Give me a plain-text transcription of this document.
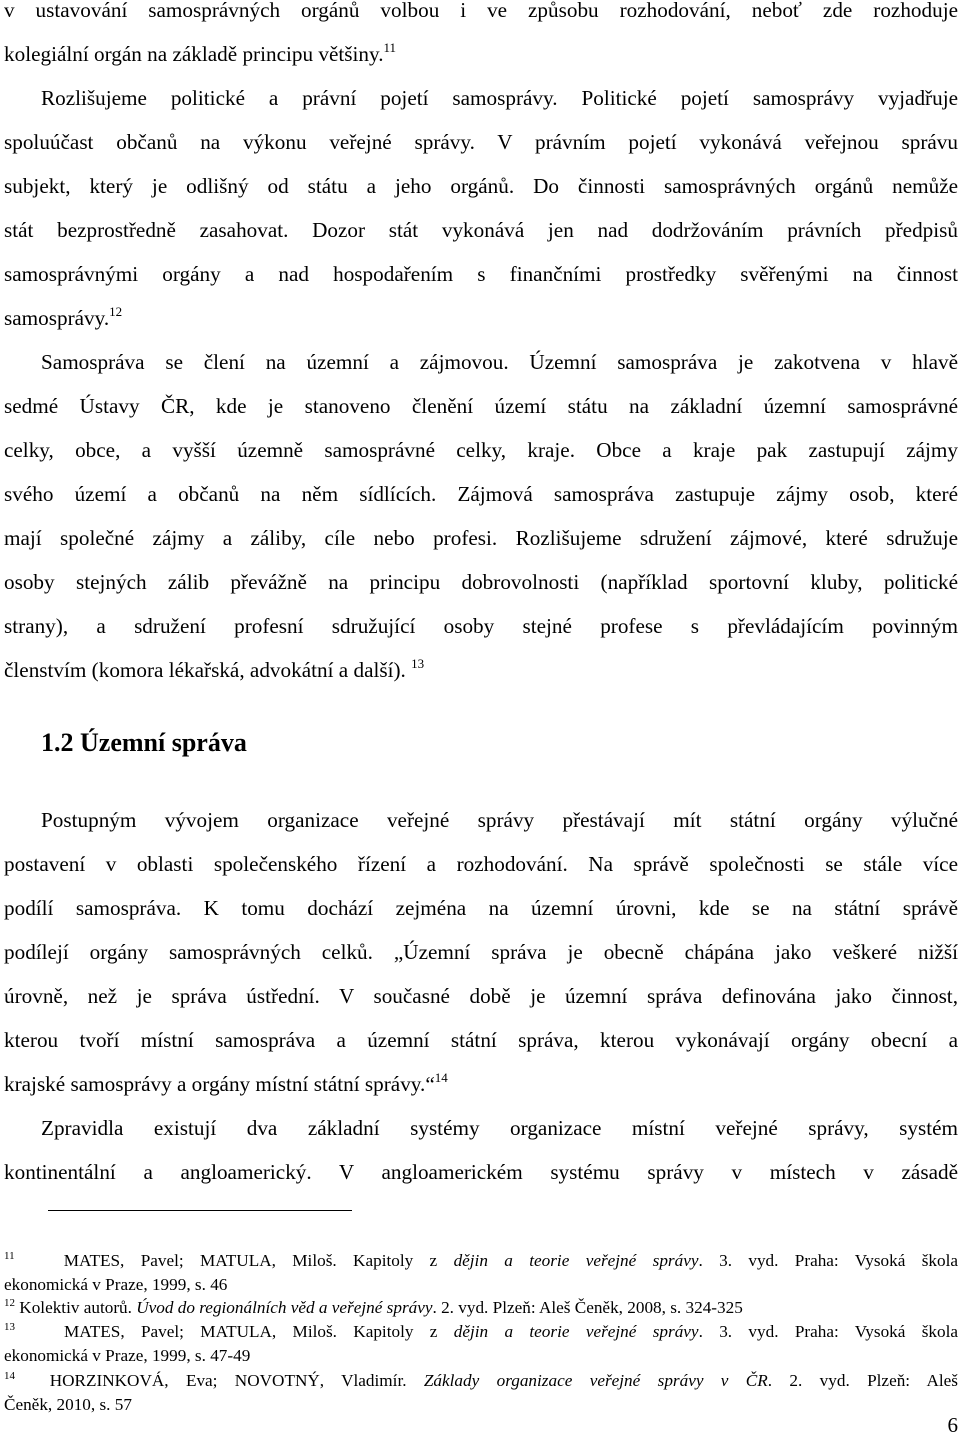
v ustavování samosprávných orgánů volbou i ve způsobu rozhodování, neboť zde rozhoduje
kolegiální orgán na základě principu většiny.$^{11}$
Rozlišujeme politické a právní pojetí samosprávy. Politické pojetí samosprávy vyjadřuje
spoluúčast občanů na výkonu veřejné správy. V právním pojetí vykonává veřejnou správu
subjekt, který je odlišný od státu a jeho orgánů. Do činnosti samosprávných orgánů nemůže
stát bezprostředně zasahovat. Dozor stát vykonává jen nad dodržováním právních předpisů
samosprávnými orgány a nad hospodařením s finančními prostředky svěřenými na činnost
samosprávy.$^{12}$
Samospráva se člení na územní a zájmovou. Územní samospráva je zakotvena v hlavě
sedmé Ústavy ČR, kde je stanoveno členění území státu na základní územní samosprávné
celky, obce, a vyšší územně samosprávné celky, kraje. Obce a kraje pak zastupují zájmy
svého území a občanů na něm sídlících. Zájmová samospráva zastupuje zájmy osob, které
mají společné zájmy a záliby, cíle nebo profesi. Rozlišujeme sdružení zájmové, které sdružuje
osoby stejných zálib převážně na principu dobrovolnosti (například sportovní kluby, politické
strany), a sdružení profesní sdružující osoby stejné profese s převládajícím povinným
členstvím (komora lékařská, advokátní a další). $^{13}$
1.2 Územní správa
Postupným vývojem organizace veřejné správy přestávají mít státní orgány výlučné
postavení v oblasti společenského řízení a rozhodování. Na správě společnosti se stále více
podílí samospráva. K tomu dochází zejména na územní úrovni, kde se na státní správě
podílejí orgány samosprávných celků. „Územní správa je obecně chápána jako veškeré nižší
úrovně, než je správa ústřední. V současné době je územní správa definována jako činnost,
kterou tvoří místní samospráva a územní státní správa, kterou vykonávají orgány obecní a
krajské samosprávy a orgány místní státní správy.“$^{14}$
Zpravidla existují dva základní systémy organizace místní veřejné správy, systém
kontinentální a angloamerický. V angloamerickém systému správy v místech v zásadě
$^{11}$	MATES, Pavel; MATULA, Miloš. Kapitoly z dějin a teorie veřejné správy. 3. vyd. Praha: Vysoká škola
ekonomická v Praze, 1999, s. 46
$^{12}$ Kolektiv autorů. Úvod do regionálních věd a veřejné správy. 2. vyd. Plzeň: Aleš Čeněk, 2008, s. 324-325
$^{13}$	MATES, Pavel; MATULA, Miloš. Kapitoly z dějin a teorie veřejné správy. 3. vyd. Praha: Vysoká škola
ekonomická v Praze, 1999, s. 47-49
$^{14}$ HORZINKOVÁ, Eva; NOVOTNÝ, Vladimír. Základy organizace veřejné správy v ČR. 2. vyd. Plzeň: Aleš
Čeněk, 2010, s. 57
6
